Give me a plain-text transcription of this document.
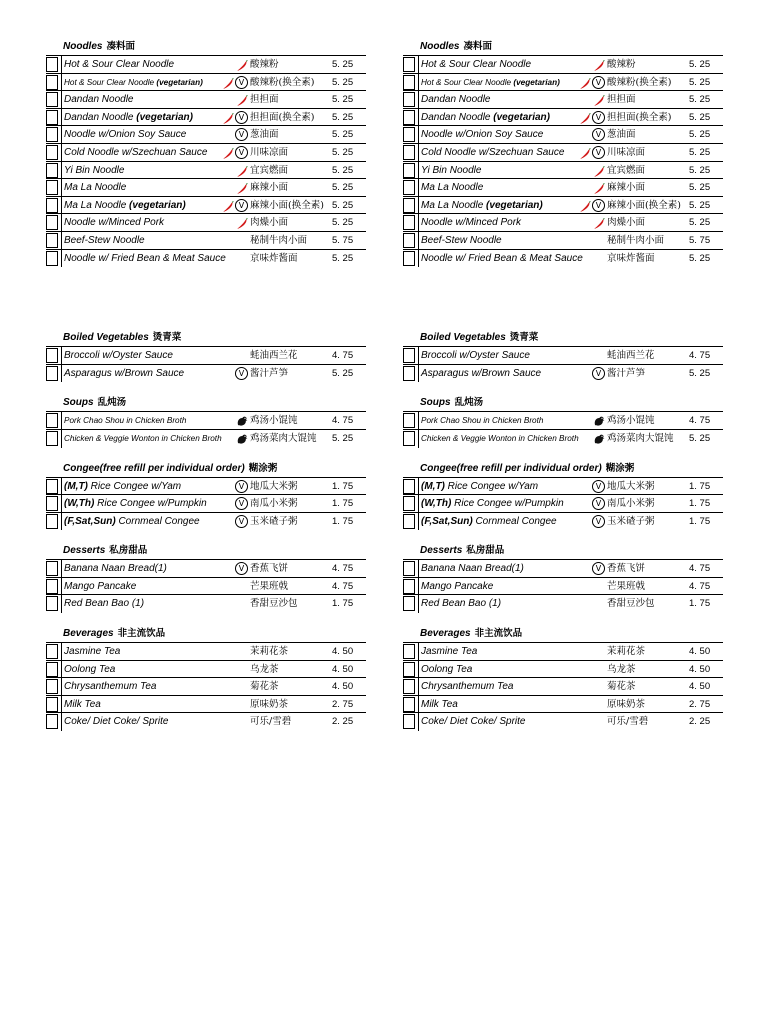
Noodles 凑料面
Hot & Sour Clear Noodle	酸辣粉	5. 25
Hot & Sour Clear Noodle (vegetarian)	V 酸辣粉(换全素) 5. 25
Dandan Noodle	担担面	5. 25
Dandan Noodle (vegetarian)	V 担担面(换全素) 5. 25
Noodle w/Onion Soy Sauce	V 葱油面	5. 25
Cold Noodle w/Szechuan Sauce	V 川味凉面	5. 25
Yi Bin Noodle	宜宾燃面	5. 25
Ma La Noodle	麻辣小面	5. 25
Ma La Noodle (vegetarian)	V 麻辣小面(换全素) 5. 25
Noodle w/Minced Pork	肉燥小面	5. 25
Beef-Stew Noodle	秘制牛肉小面	5. 75
Noodle w/ Fried Bean & Meat Sauce	京味炸酱面	5. 25
Boiled Vegetables 烫青菜
Broccoli w/Oyster Sauce	蚝油西兰花	4. 75
Asparagus w/Brown Sauce	V 酱汁芦笋	5. 25
Soups 乱炖汤
Pork Chao Shou in Chicken Broth	鸡汤小馄饨	4. 75
Chicken & Veggie Wonton in Chicken Broth	鸡汤菜肉大馄饨 5. 25
Congee(free refill per individual order) 糊涂粥
(M,T) Rice Congee w/Yam	V 地瓜大米粥	1. 75
(W,Th) Rice Congee w/Pumpkin	V 南瓜小米粥	1. 75
(F,Sat,Sun) Cornmeal Congee	V 玉米碴子粥	1. 75
Desserts 私房甜品
Banana Naan Bread(1)	V 香蕉飞饼	4. 75
Mango Pancake	芒果班戟	4. 75
Red Bean Bao (1)	香甜豆沙包	1. 75
Beverages 非主流饮品
Jasmine Tea	茉莉花茶	4. 50
Oolong Tea	乌龙茶	4. 50
Chrysanthemum Tea	菊花茶	4. 50
Milk Tea	原味奶茶	2. 75
Coke/ Diet Coke/ Sprite	可乐/雪碧	2. 25
Noodles 凑料面
Hot & Sour Clear Noodle	酸辣粉	5. 25
Hot & Sour Clear Noodle (vegetarian)	V 酸辣粉(换全素) 5. 25
Dandan Noodle	担担面	5. 25
Dandan Noodle (vegetarian)	V 担担面(换全素) 5. 25
Noodle w/Onion Soy Sauce	V 葱油面	5. 25
Cold Noodle w/Szechuan Sauce	V 川味凉面	5. 25
Yi Bin Noodle	宜宾燃面	5. 25
Ma La Noodle	麻辣小面	5. 25
Ma La Noodle (vegetarian)	V 麻辣小面(换全素) 5. 25
Noodle w/Minced Pork	肉燥小面	5. 25
Beef-Stew Noodle	秘制牛肉小面	5. 75
Noodle w/ Fried Bean & Meat Sauce	京味炸酱面	5. 25
Boiled Vegetables 烫青菜
Broccoli w/Oyster Sauce	蚝油西兰花	4. 75
Asparagus w/Brown Sauce	V 酱汁芦笋	5. 25
Soups 乱炖汤
Pork Chao Shou in Chicken Broth	鸡汤小馄饨	4. 75
Chicken & Veggie Wonton in Chicken Broth	鸡汤菜肉大馄饨 5. 25
Congee(free refill per individual order) 糊涂粥
(M,T) Rice Congee w/Yam	V 地瓜大米粥	1. 75
(W,Th) Rice Congee w/Pumpkin	V 南瓜小米粥	1. 75
(F,Sat,Sun) Cornmeal Congee	V 玉米碴子粥	1. 75
Desserts 私房甜品
Banana Naan Bread(1)	V 香蕉飞饼	4. 75
Mango Pancake	芒果班戟	4. 75
Red Bean Bao (1)	香甜豆沙包	1. 75
Beverages 非主流饮品
Jasmine Tea	茉莉花茶	4. 50
Oolong Tea	乌龙茶	4. 50
Chrysanthemum Tea	菊花茶	4. 50
Milk Tea	原味奶茶	2. 75
Coke/ Diet Coke/ Sprite	可乐/雪碧	2. 25
